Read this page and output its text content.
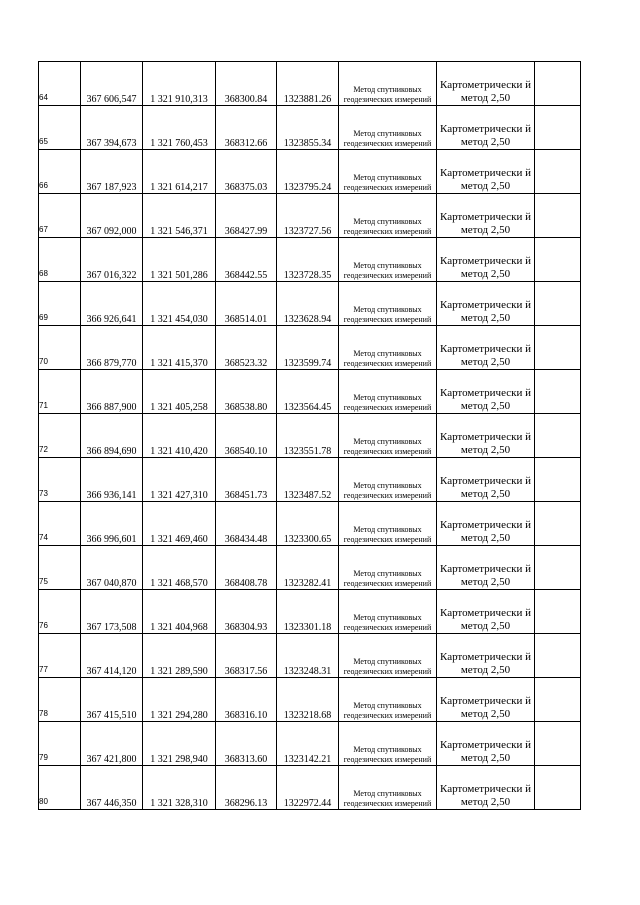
64	367 606,547	1 321 910,313	368300.84	1323881.26	Метод спутниковых геодезических измерений	Картометрически й метод 2,50	
65	367 394,673	1 321 760,453	368312.66	1323855.34	Метод спутниковых геодезических измерений	Картометрически й метод 2,50	
66	367 187,923	1 321 614,217	368375.03	1323795.24	Метод спутниковых геодезических измерений	Картометрически й метод 2,50	
67	367 092,000	1 321 546,371	368427.99	1323727.56	Метод спутниковых геодезических измерений	Картометрически й метод 2,50	
68	367 016,322	1 321 501,286	368442.55	1323728.35	Метод спутниковых геодезических измерений	Картометрически й метод 2,50	
69	366 926,641	1 321 454,030	368514.01	1323628.94	Метод спутниковых геодезических измерений	Картометрически й метод 2,50	
70	366 879,770	1 321 415,370	368523.32	1323599.74	Метод спутниковых геодезических измерений	Картометрически й метод 2,50	
71	366 887,900	1 321 405,258	368538.80	1323564.45	Метод спутниковых геодезических измерений	Картометрически й метод 2,50	
72	366 894,690	1 321 410,420	368540.10	1323551.78	Метод спутниковых геодезических измерений	Картометрически й метод 2,50	
73	366 936,141	1 321 427,310	368451.73	1323487.52	Метод спутниковых геодезических измерений	Картометрически й метод 2,50	
74	366 996,601	1 321 469,460	368434.48	1323300.65	Метод спутниковых геодезических измерений	Картометрически й метод 2,50	
75	367 040,870	1 321 468,570	368408.78	1323282.41	Метод спутниковых геодезических измерений	Картометрически й метод 2,50	
76	367 173,508	1 321 404,968	368304.93	1323301.18	Метод спутниковых геодезических измерений	Картометрически й метод 2,50	
77	367 414,120	1 321 289,590	368317.56	1323248.31	Метод спутниковых геодезических измерений	Картометрически й метод 2,50	
78	367 415,510	1 321 294,280	368316.10	1323218.68	Метод спутниковых геодезических измерений	Картометрически й метод 2,50	
79	367 421,800	1 321 298,940	368313.60	1323142.21	Метод спутниковых геодезических измерений	Картометрически й метод 2,50	
80	367 446,350	1 321 328,310	368296.13	1322972.44	Метод спутниковых геодезических измерений	Картометрически й метод 2,50	
